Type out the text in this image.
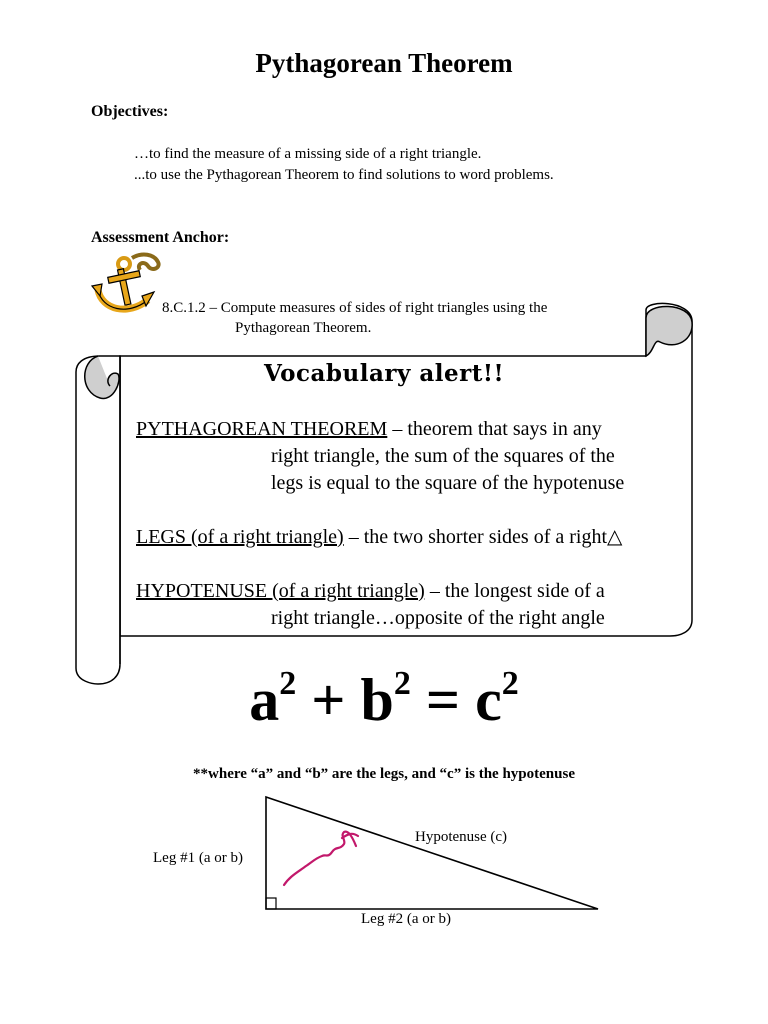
Pythagorean Theorem
Objectives:
…to find the measure of a missing side of a right triangle.
...to use the Pythagorean Theorem to find solutions to word problems.
Assessment Anchor:
8.C.1.2 – Compute measures of sides of right triangles using the
Pythagorean Theorem.
Vocabulary alert!!
PYTHAGOREAN THEOREM – theorem that says in any
right triangle, the sum of the squares of the
legs is equal to the square of the hypotenuse
LEGS (of a right triangle) – the two shorter sides of a right△
HYPOTENUSE (of a right triangle) – the longest side of a
right triangle…opposite of the right angle
$a^2 + b^2 = c^2$
**where “a” and “b” are the legs, and “c” is the hypotenuse
Leg #1 (a or b)
Hypotenuse (c)
Leg #2 (a or b)
